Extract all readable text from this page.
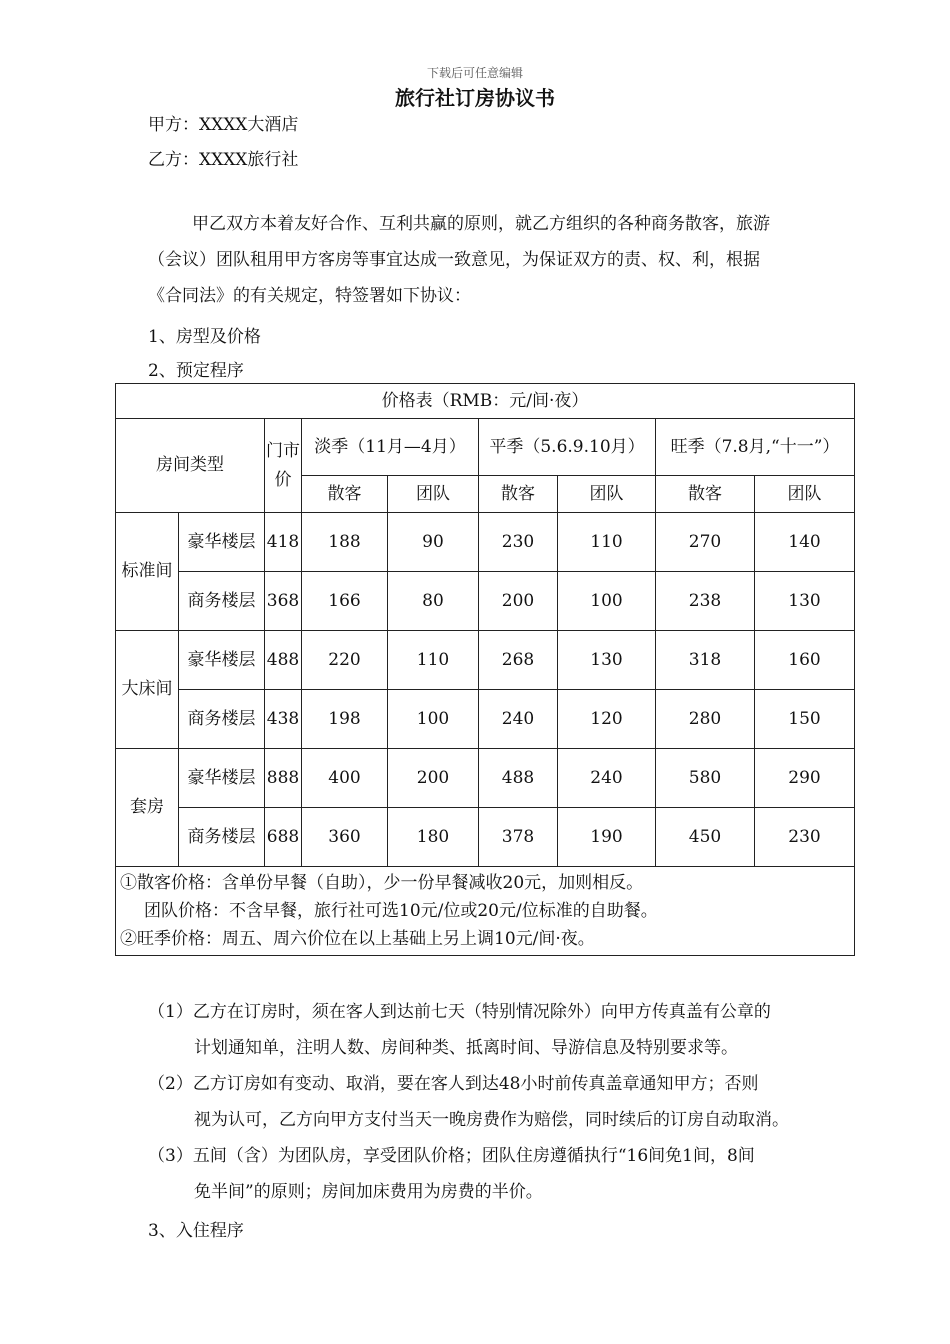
下载后可任意编辑
旅行社订房协议书
甲方：XXXX大酒店
乙方：XXXX旅行社

甲乙双方本着友好合作、互利共赢的原则，就乙方组织的各种商务散客，旅游

（会议）团队租用甲方客房等事宜达成一致意见，为保证双方的责、权、利，根据

《合同法》的有关规定，特签署如下协议：

1、房型及价格
2、预定程序
价格表（RMB：元/间·夜）								
房间类型		门市价	淡季（11月—4月）		平季（5.6.9.10月）		旺季（7.8月,“十一”）	
			散客	团队	散客	团队	散客	团队
标准间	豪华楼层	418	188	90	230	110	270	140
	商务楼层	368	166	80	200	100	238	130
大床间	豪华楼层	488	220	110	268	130	318	160
	商务楼层	438	198	100	240	120	280	150
套房	豪华楼层	888	400	200	488	240	580	290
	商务楼层	688	360	180	378	190	450	230

①散客价格：含单份早餐（自助），少一份早餐减收20元，加则相反。
团队价格：不含早餐，旅行社可选10元/位或20元/位标准的自助餐。
②旺季价格：周五、周六价位在以上基础上另上调10元/间·夜。								

（1）乙方在订房时，须在客人到达前七天（特别情况除外）向甲方传真盖有公章的

计划通知单，注明人数、房间种类、抵离时间、导游信息及特别要求等。

（2）乙方订房如有变动、取消，要在客人到达48小时前传真盖章通知甲方；否则

视为认可，乙方向甲方支付当天一晚房费作为赔偿，同时续后的订房自动取消。

（3）五间（含）为团队房，享受团队价格；团队住房遵循执行“16间免1间，8间

免半间”的原则；房间加床费用为房费的半价。

3、入住程序
